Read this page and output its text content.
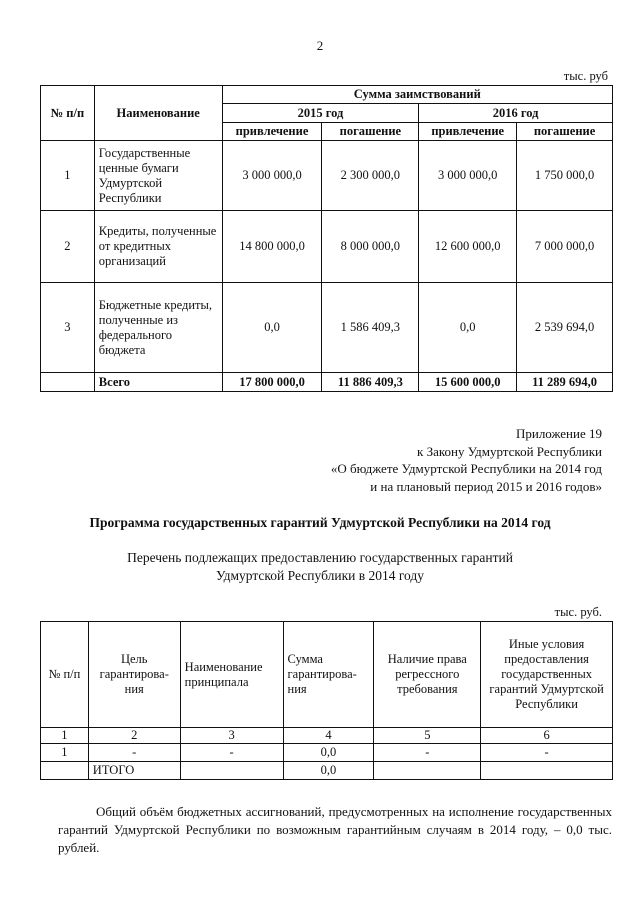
2
тыс. руб
№ п/п	Наименование	Сумма заимствований			
		2015 год		2016 год	
		привлечение	погашение	привлечение	погашение
1	Государственные ценные бумаги Удмуртской Республики	3 000 000,0	2 300 000,0	3 000 000,0	1 750 000,0
2	Кредиты, полученные от кредитных организаций	14 800 000,0	8 000 000,0	12 600 000,0	7 000 000,0
3	Бюджетные кредиты, полученные из федерального бюджета	0,0	1 586 409,3	0,0	2 539 694,0
	Всего	17 800 000,0	11 886 409,3	15 600 000,0	11 289 694,0
Приложение 19
к Закону Удмуртской Республики
«О бюджете Удмуртской Республики на 2014 год
и на плановый период 2015 и 2016 годов»
Программа государственных гарантий Удмуртской Республики на 2014 год
Перечень подлежащих предоставлению государственных гарантий
Удмуртской Республики в 2014 году
тыс. руб.
№ п/п	Цель гарантирова-ния	Наименование принципала	Сумма гарантирова-ния	Наличие права регрессного требования	Иные условия предоставления государственных гарантий Удмуртской Республики
1	2	3	4	5	6
1	-	-	0,0	-	-
	ИТОГО		0,0		
Общий объём бюджетных ассигнований, предусмотренных на исполнение государственных гарантий Удмуртской Республики по возможным гарантийным случаям в 2014 году, – 0,0 тыс. рублей.
